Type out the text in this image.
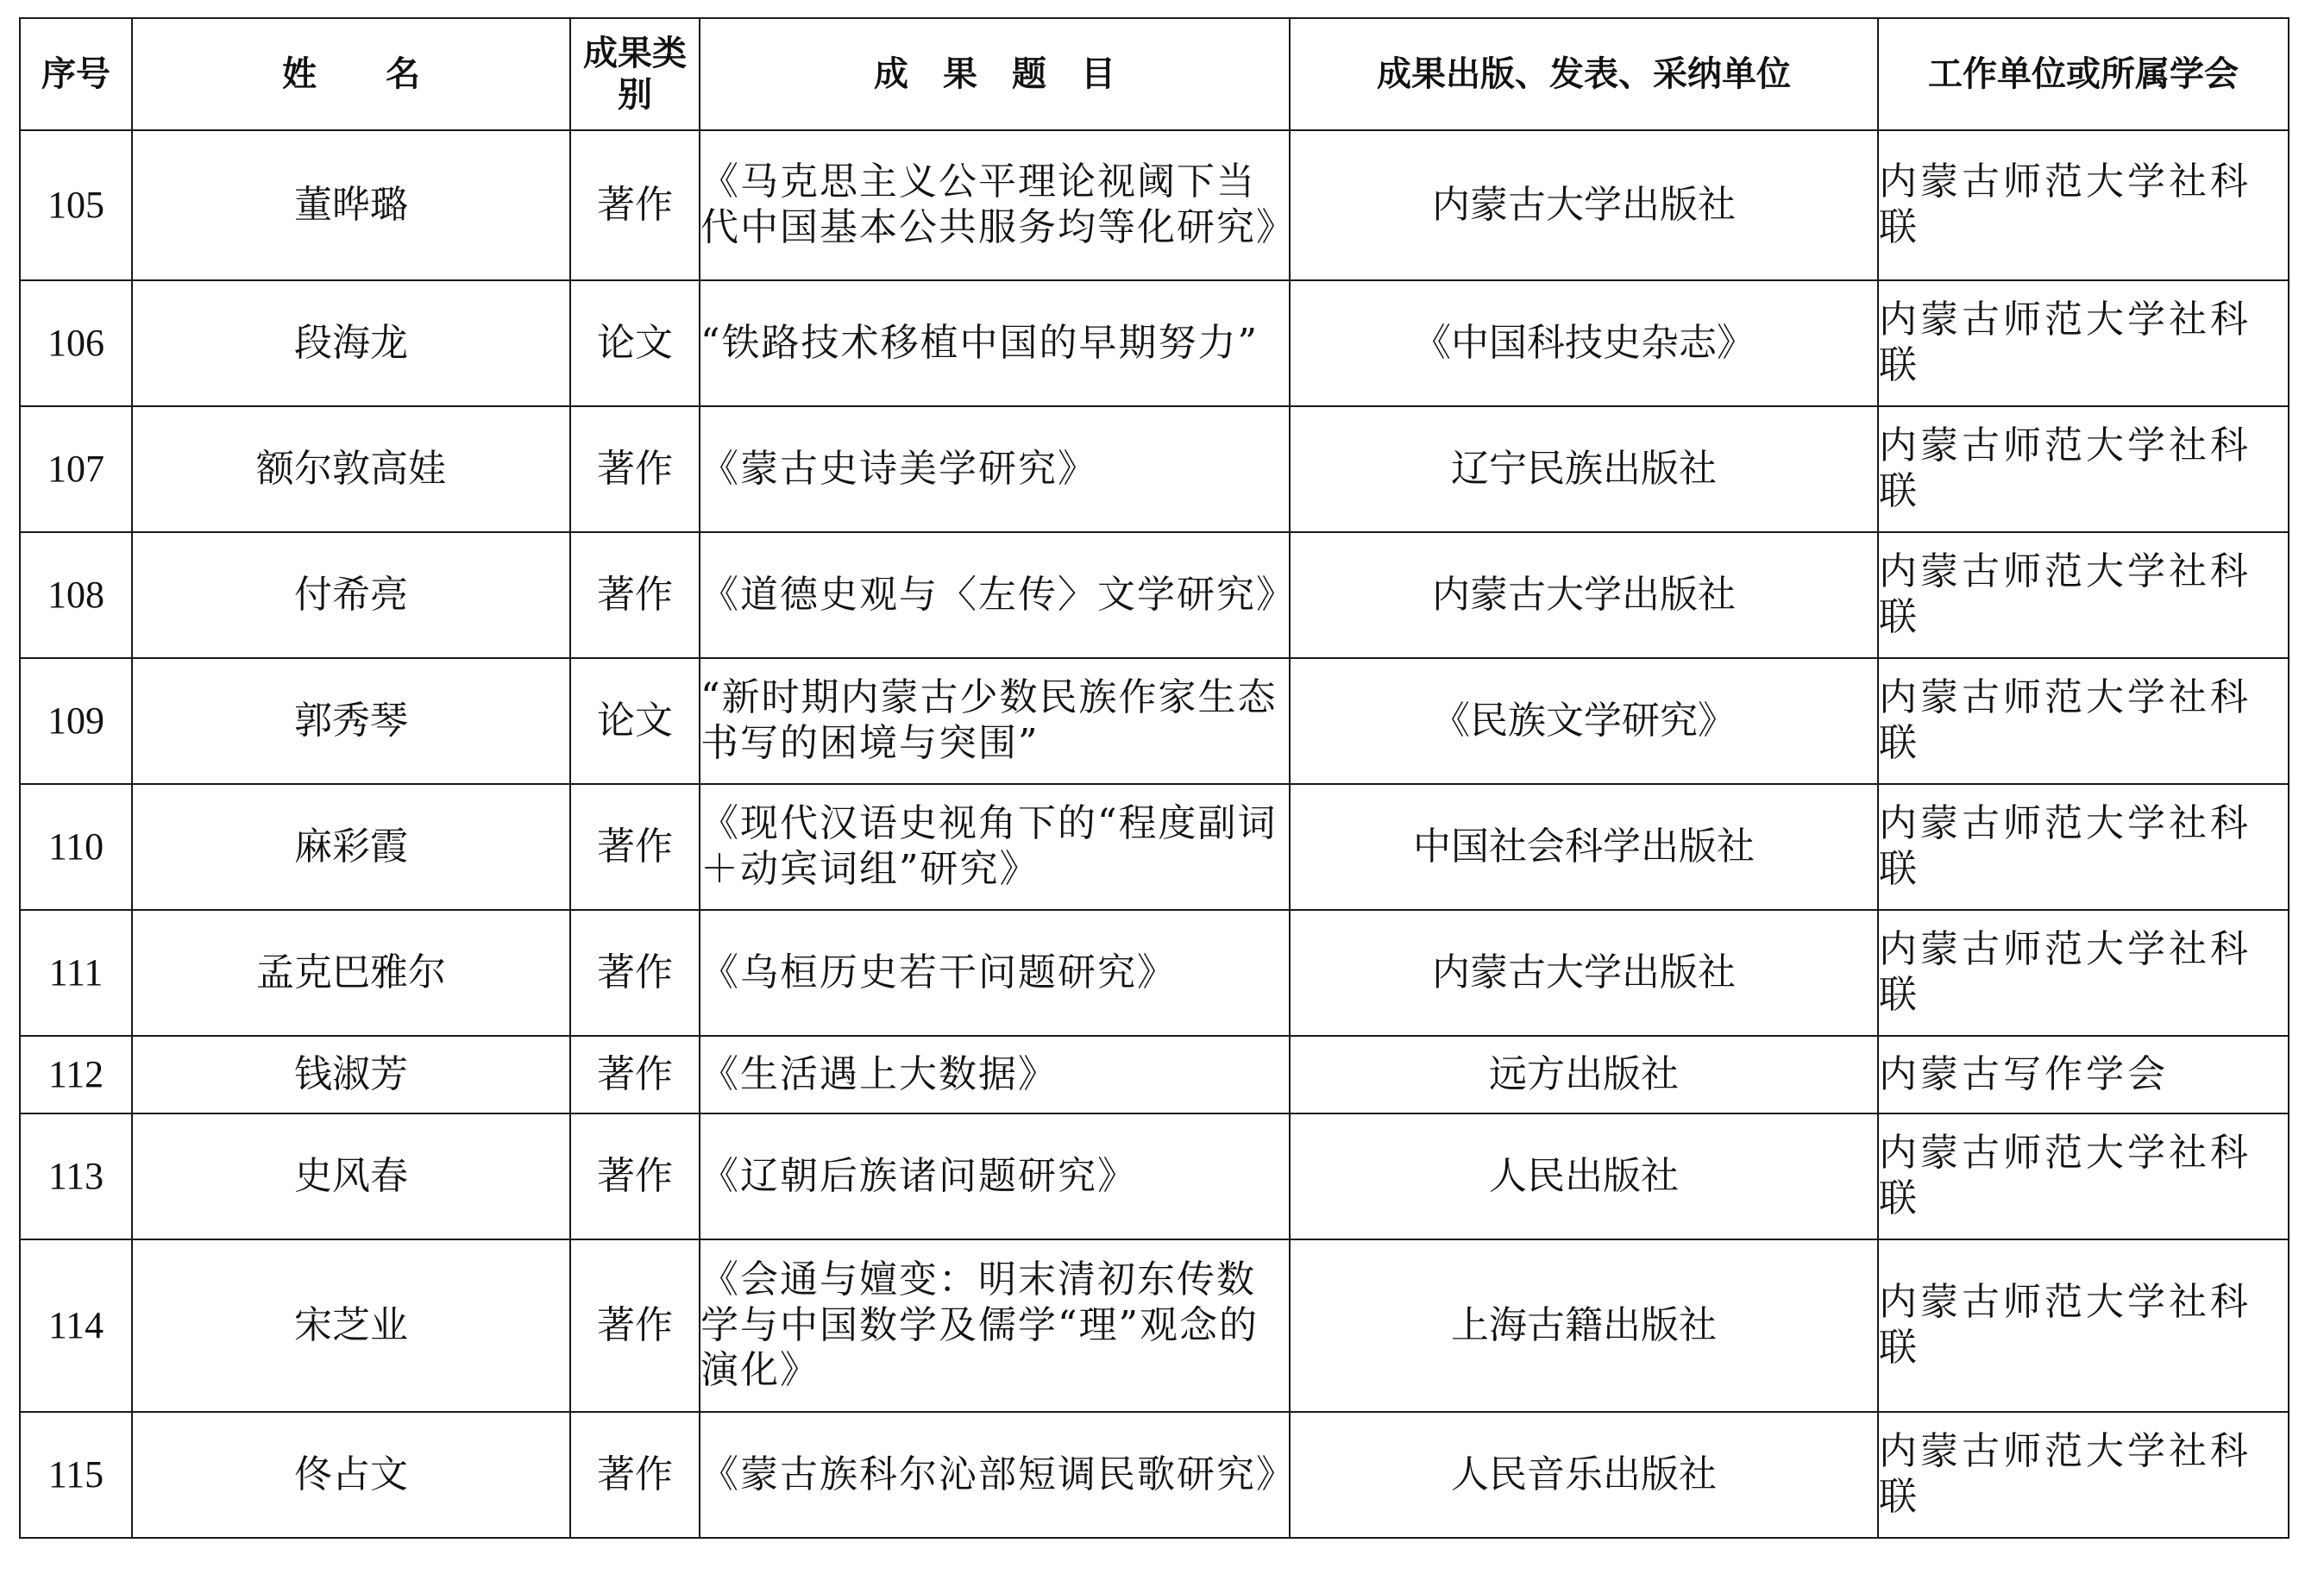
序号	姓　　名	成果类别	成　果　题　目	成果出版、发表、采纳单位	工作单位或所属学会
105	董晔璐	著作	《马克思主义公平理论视阈下当代中国基本公共服务均等化研究》	内蒙古大学出版社	内蒙古师范大学社科联
106	段海龙	论文	“铁路技术移植中国的早期努力”	《中国科技史杂志》	内蒙古师范大学社科联
107	额尔敦高娃	著作	《蒙古史诗美学研究》	辽宁民族出版社	内蒙古师范大学社科联
108	付希亮	著作	《道德史观与〈左传〉文学研究》	内蒙古大学出版社	内蒙古师范大学社科联
109	郭秀琴	论文	“新时期内蒙古少数民族作家生态书写的困境与突围”	《民族文学研究》	内蒙古师范大学社科联
110	麻彩霞	著作	《现代汉语史视角下的“程度副词＋动宾词组”研究》	中国社会科学出版社	内蒙古师范大学社科联
111	孟克巴雅尔	著作	《乌桓历史若干问题研究》	内蒙古大学出版社	内蒙古师范大学社科联
112	钱淑芳	著作	《生活遇上大数据》	远方出版社	内蒙古写作学会
113	史风春	著作	《辽朝后族诸问题研究》	人民出版社	内蒙古师范大学社科联
114	宋芝业	著作	《会通与嬗变：明末清初东传数学与中国数学及儒学“理”观念的演化》	上海古籍出版社	内蒙古师范大学社科联
115	佟占文	著作	《蒙古族科尔沁部短调民歌研究》	人民音乐出版社	内蒙古师范大学社科联
